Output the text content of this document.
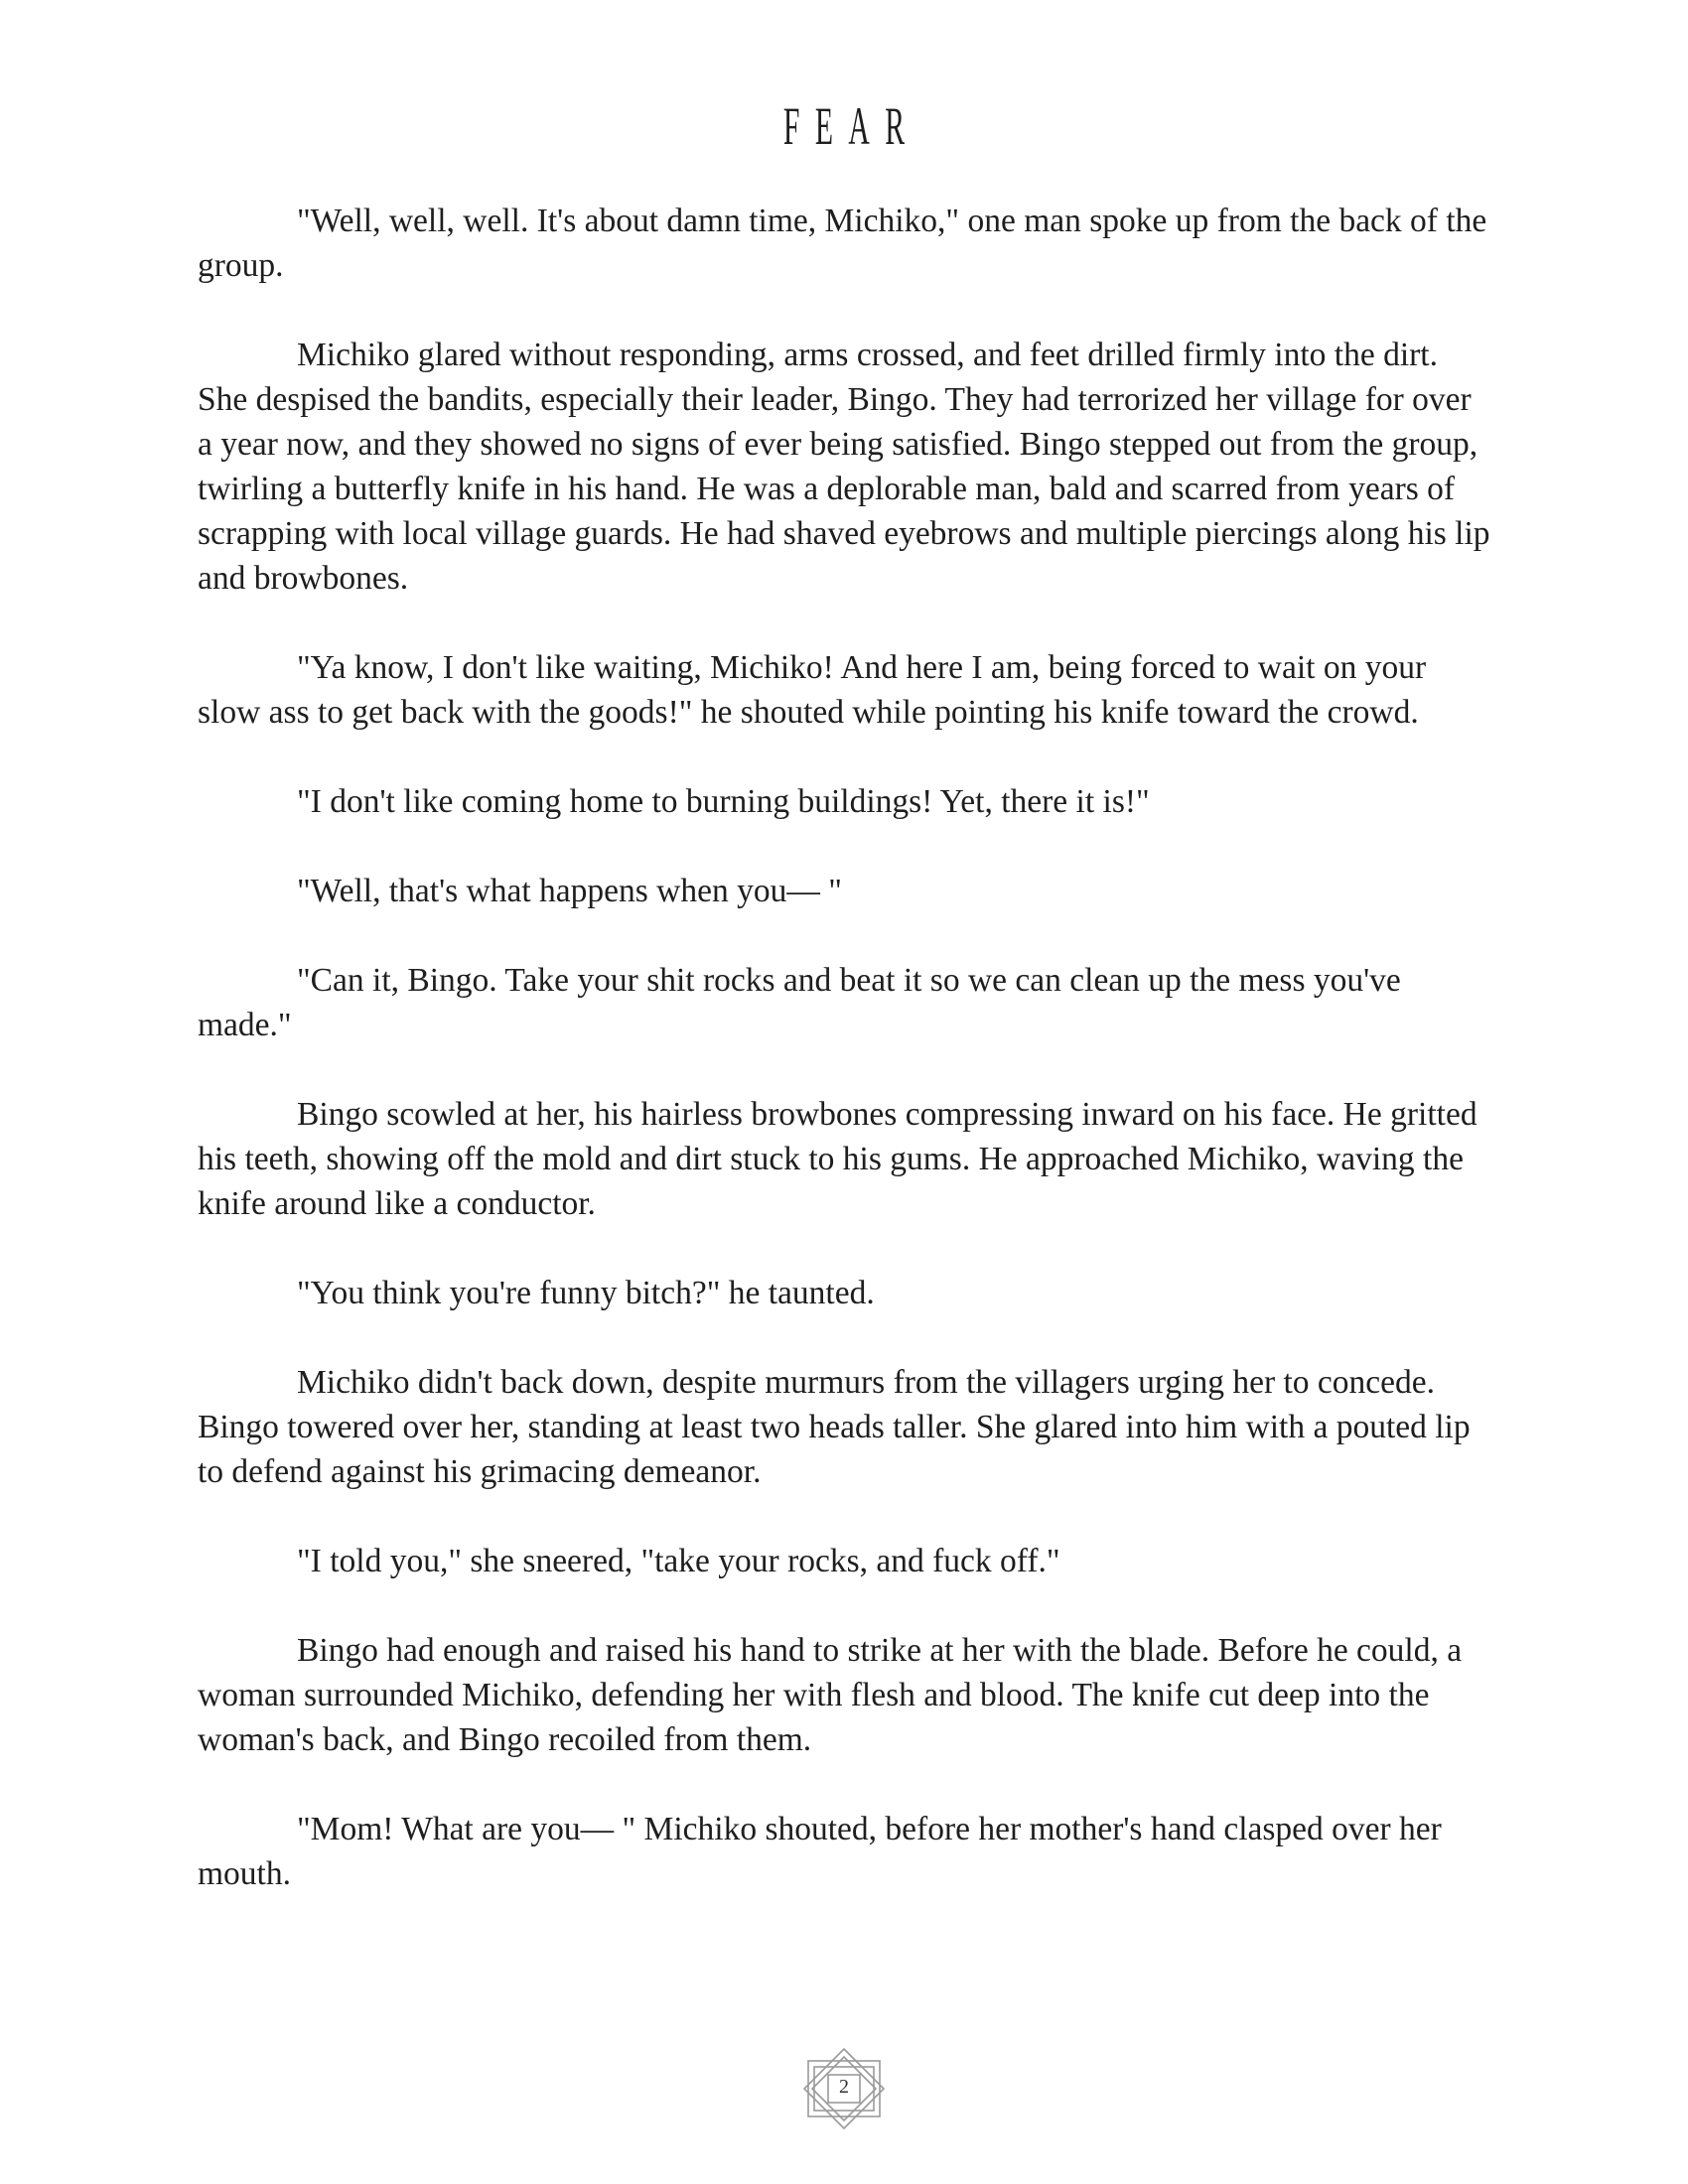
FEAR

"Well, well, well. It's about damn time, Michiko," one man spoke up from the back of the group.

Michiko glared without responding, arms crossed, and feet drilled firmly into the dirt. She despised the bandits, especially their leader, Bingo. They had terrorized her village for over a year now, and they showed no signs of ever being satisfied. Bingo stepped out from the group, twirling a butterfly knife in his hand. He was a deplorable man, bald and scarred from years of scrapping with local village guards. He had shaved eyebrows and multiple piercings along his lip and browbones.

"Ya know, I don't like waiting, Michiko! And here I am, being forced to wait on your slow ass to get back with the goods!" he shouted while pointing his knife toward the crowd.

"I don't like coming home to burning buildings! Yet, there it is!"

"Well, that's what happens when you— "

"Can it, Bingo. Take your shit rocks and beat it so we can clean up the mess you've made."

Bingo scowled at her, his hairless browbones compressing inward on his face. He gritted his teeth, showing off the mold and dirt stuck to his gums. He approached Michiko, waving the knife around like a conductor.

"You think you're funny bitch?" he taunted.

Michiko didn't back down, despite murmurs from the villagers urging her to concede. Bingo towered over her, standing at least two heads taller. She glared into him with a pouted lip to defend against his grimacing demeanor.

"I told you," she sneered, "take your rocks, and fuck off."

Bingo had enough and raised his hand to strike at her with the blade. Before he could, a woman surrounded Michiko, defending her with flesh and blood. The knife cut deep into the woman's back, and Bingo recoiled from them.

"Mom! What are you— " Michiko shouted, before her mother's hand clasped over her mouth.

2
